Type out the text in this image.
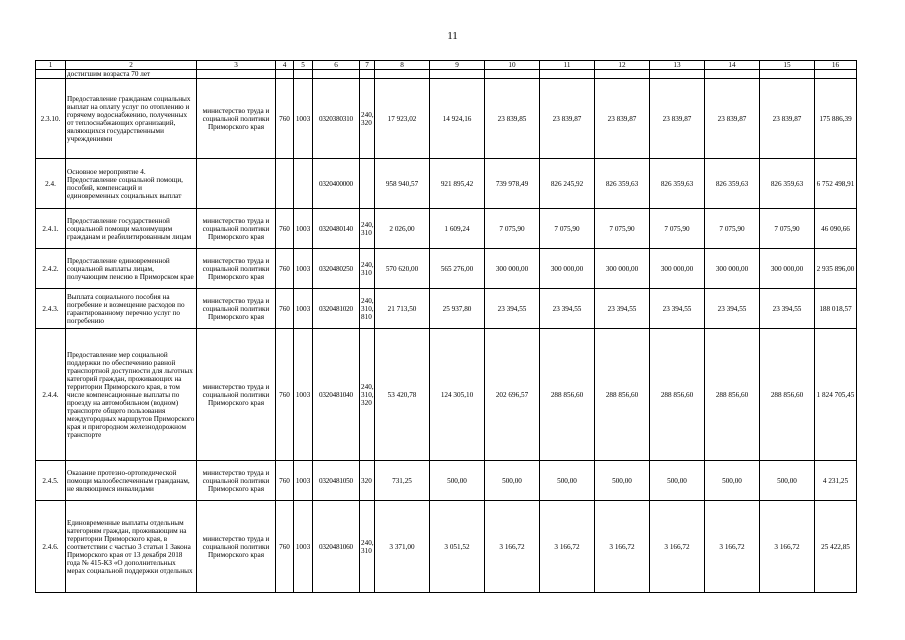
11
1	2	3	4	5	6	7	8	9	10	11	12	13	14	15	16
	достигшим возраста 70 лет														
2.3.10.	Предоставление гражданам социальных выплат на оплату услуг по отоплению и горячему водоснабжению, полученных от теплоснабжающих организаций, являющихся государственными учреждениями	министерство труда и социальной политики Приморского края	760	1003	0320380310	240, 320	17 923,02	14 924,16	23 839,85	23 839,87	23 839,87	23 839,87	23 839,87	23 839,87	175 886,39
2.4.	Основное мероприятие 4. Предоставление социальной помощи, пособий, компенсаций и единовременных социальных выплат				0320400000		958 940,57	921 895,42	739 978,49	826 245,92	826 359,63	826 359,63	826 359,63	826 359,63	6 752 498,91
2.4.1.	Предоставление государственной социальной помощи малоимущим гражданам и реабилитированным лицам	министерство труда и социальной политики Приморского края	760	1003	0320480140	240, 310	2 026,00	1 609,24	7 075,90	7 075,90	7 075,90	7 075,90	7 075,90	7 075,90	46 090,66
2.4.2.	Предоставление единовременной социальной выплаты лицам, получающим пенсию в Приморском крае	министерство труда и социальной политики Приморского края	760	1003	0320480250	240, 310	570 620,00	565 276,00	300 000,00	300 000,00	300 000,00	300 000,00	300 000,00	300 000,00	2 935 896,00
2.4.3.	Выплата социального пособия на погребение и возмещение расходов по гарантированному перечню услуг по погребению	министерство труда и социальной политики Приморского края	760	1003	0320481020	240, 310, 810	21 713,50	25 937,80	23 394,55	23 394,55	23 394,55	23 394,55	23 394,55	23 394,55	188 018,57
2.4.4.	Предоставление мер социальной поддержки по обеспечению равной транспортной доступности для льготных категорий граждан, проживающих на территории Приморского края, в том числе компенсационные выплаты по проезду на автомобильном (водном) транспорте общего пользования междугородных маршрутов Приморского края и пригородном железнодорожном транспорте	министерство труда и социальной политики Приморского края	760	1003	0320481040	240, 310, 320	53 420,78	124 305,10	202 696,57	288 856,60	288 856,60	288 856,60	288 856,60	288 856,60	1 824 705,45
2.4.5.	Оказание протезно-ортопедической помощи малообеспеченным гражданам, не являющимся инвалидами	министерство труда и социальной политики Приморского края	760	1003	0320481050	320	731,25	500,00	500,00	500,00	500,00	500,00	500,00	500,00	4 231,25
2.4.6.	Единовременные выплаты отдельным категориям граждан, проживающим на территории Приморского края, в соответствии с частью 3 статьи 1 Закона Приморского края от 13 декабря 2018 года № 415-КЗ «О дополнительных мерах социальной поддержки отдельных	министерство труда и социальной политики Приморского края	760	1003	0320481060	240, 310	3 371,00	3 051,52	3 166,72	3 166,72	3 166,72	3 166,72	3 166,72	3 166,72	25 422,85
